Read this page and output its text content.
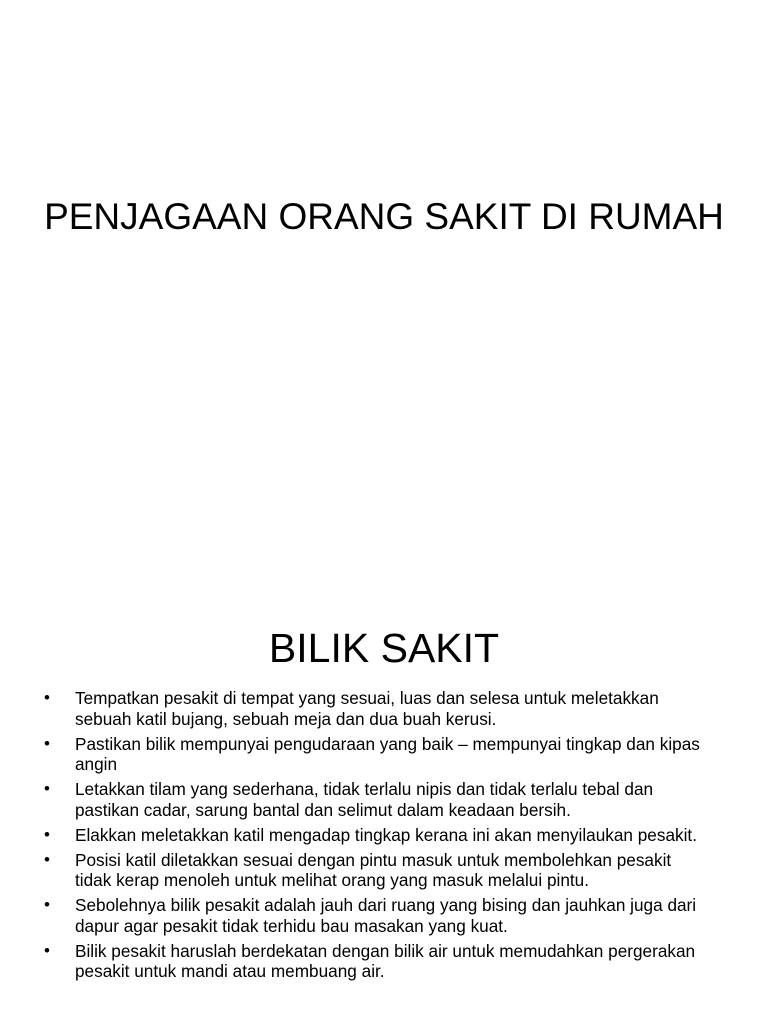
PENJAGAAN ORANG SAKIT DI RUMAH
BILIK SAKIT
• Tempatkan pesakit di tempat yang sesuai, luas dan selesa untuk meletakkan sebuah katil bujang, sebuah meja dan dua buah kerusi.
• Pastikan bilik mempunyai pengudaraan yang baik – mempunyai tingkap dan kipas angin
• Letakkan tilam yang sederhana, tidak terlalu nipis dan tidak terlalu tebal dan pastikan cadar, sarung bantal dan selimut dalam keadaan bersih.
• Elakkan meletakkan katil mengadap tingkap kerana ini akan menyilaukan pesakit.
• Posisi katil diletakkan sesuai dengan pintu masuk untuk membolehkan pesakit tidak kerap menoleh untuk melihat orang yang masuk melalui pintu.
• Sebolehnya bilik pesakit adalah jauh dari ruang yang bising dan jauhkan juga dari dapur agar pesakit tidak terhidu bau masakan yang kuat.
• Bilik pesakit haruslah berdekatan dengan bilik air untuk memudahkan pergerakan pesakit untuk mandi atau membuang air.
